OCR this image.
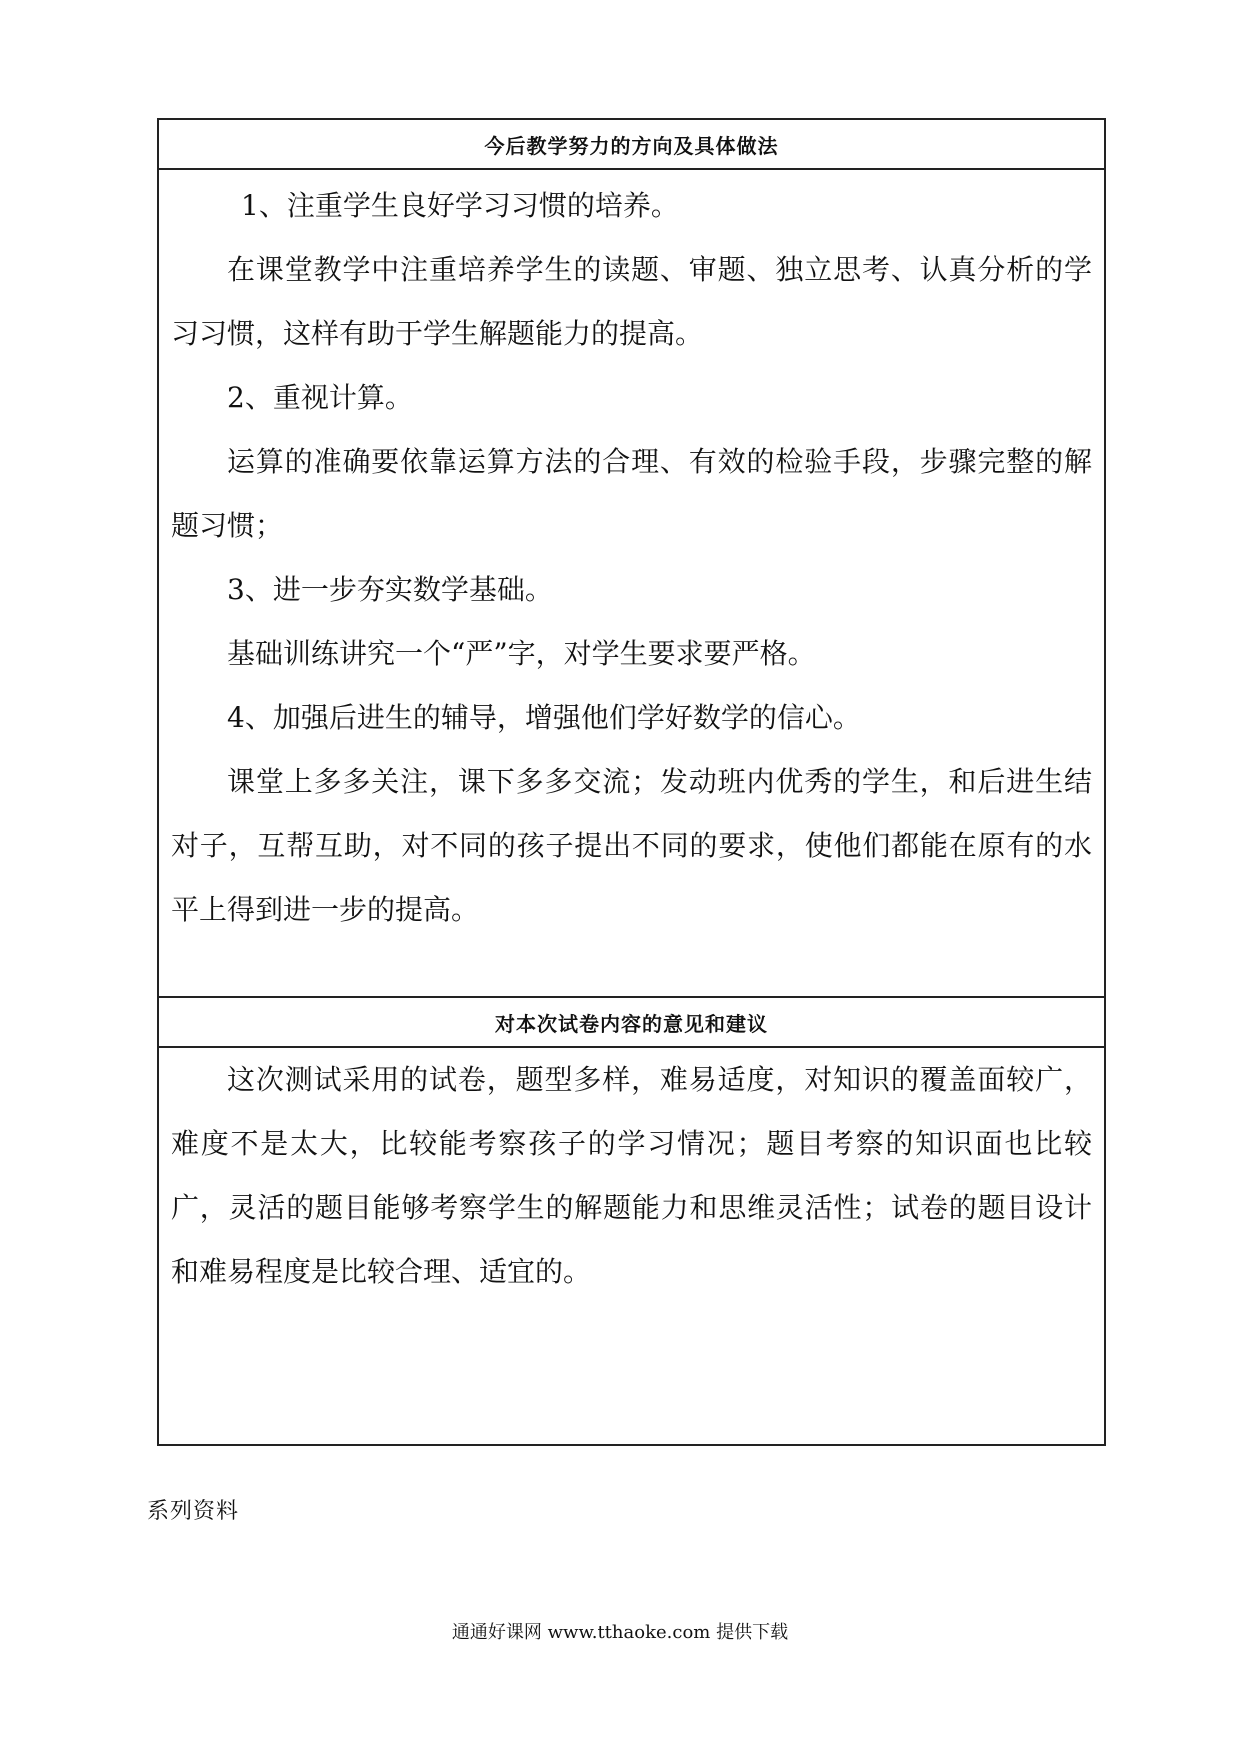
今后教学努力的方向及具体做法

1、注重学生良好学习习惯的培养。

在课堂教学中注重培养学生的读题、审题、独立思考、认真分析的学习习惯，这样有助于学生解题能力的提高。

2、重视计算。

运算的准确要依靠运算方法的合理、有效的检验手段，步骤完整的解题习惯；

3、进一步夯实数学基础。

基础训练讲究一个“严”字，对学生要求要严格。

4、加强后进生的辅导，增强他们学好数学的信心。

课堂上多多关注，课下多多交流；发动班内优秀的学生，和后进生结对子，互帮互助，对不同的孩子提出不同的要求，使他们都能在原有的水平上得到进一步的提高。

对本次试卷内容的意见和建议

这次测试采用的试卷，题型多样，难易适度，对知识的覆盖面较广，难度不是太大，比较能考察孩子的学习情况；题目考察的知识面也比较广，灵活的题目能够考察学生的解题能力和思维灵活性；试卷的题目设计和难易程度是比较合理、适宜的。

系列资料
通通好课网 www.tthaoke.com 提供下载
